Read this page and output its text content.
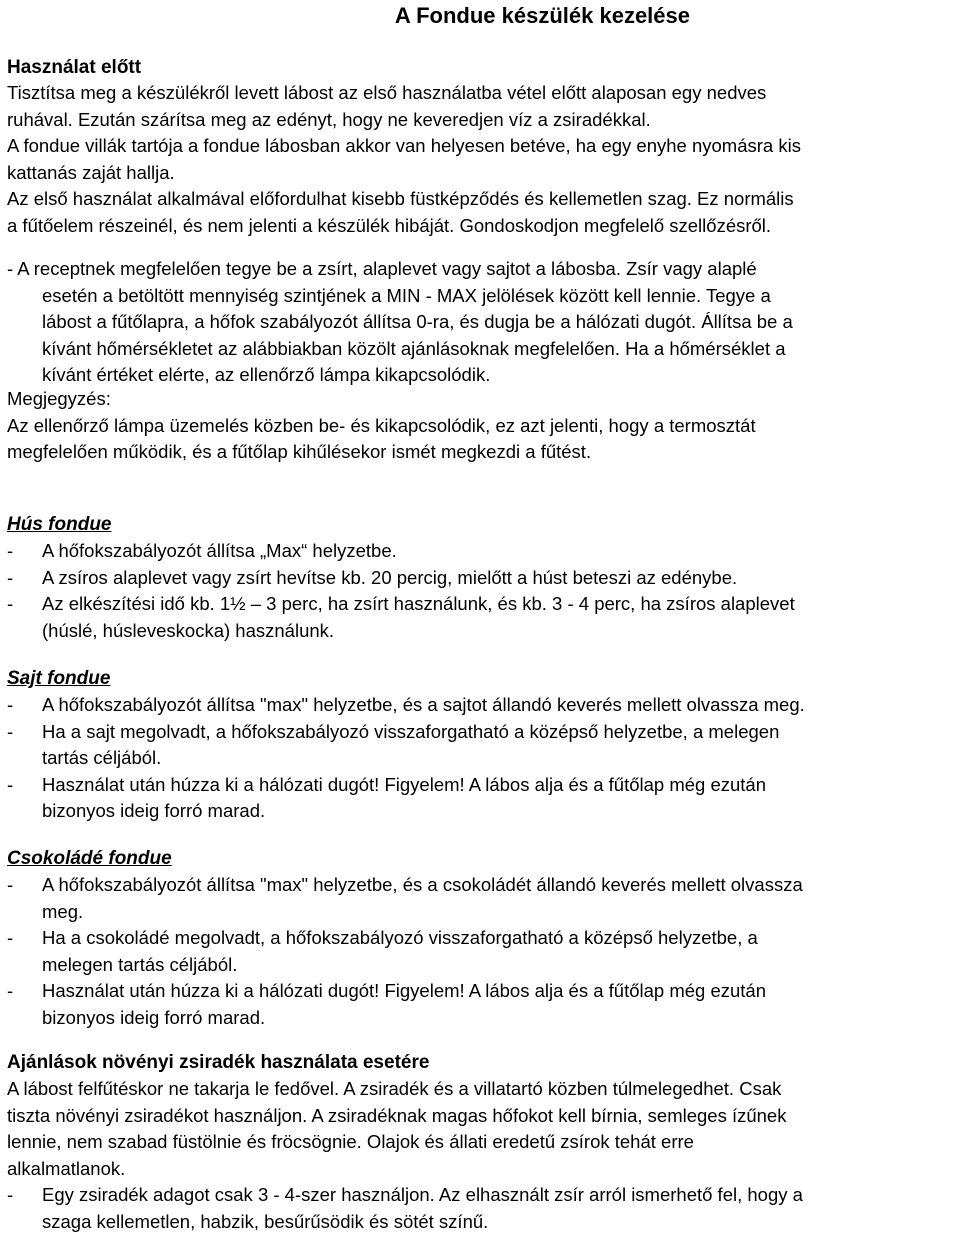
A Fondue készülék kezelése

Használat előtt

Tisztítsa meg a készülékről levett lábost az első használatba vétel előtt alaposan egy nedves

ruhával. Ezután szárítsa meg az edényt, hogy ne keveredjen víz a zsiradékkal.

A fondue villák tartója a fondue lábosban akkor van helyesen betéve, ha egy enyhe nyomásra kis

kattanás zaját hallja.

Az első használat alkalmával előfordulhat kisebb füstképződés és kellemetlen szag. Ez normális

a fűtőelem részeinél, és nem jelenti a készülék hibáját. Gondoskodjon megfelelő szellőzésről.

- A receptnek megfelelően tegye be a zsírt, alaplevet vagy sajtot a lábosba. Zsír vagy alaplé

esetén a betöltött mennyiség szintjének a MIN - MAX jelölések között kell lennie. Tegye a

lábost a fűtőlapra, a hőfok szabályozót állítsa 0-ra, és dugja be a hálózati dugót. Állítsa be a

kívánt hőmérsékletet az alábbiakban közölt ajánlásoknak megfelelően. Ha a hőmérséklet a

kívánt értéket elérte, az ellenőrző lámpa kikapcsolódik.

Megjegyzés:

Az ellenőrző lámpa üzemelés közben be- és kikapcsolódik, ez azt jelenti, hogy a termosztát

megfelelően működik, és a fűtőlap kihűlésekor ismét megkezdi a fűtést.

Hús fondue

-	A hőfokszabályozót állítsa „Max“ helyzetbe.
-	A zsíros alaplevet vagy zsírt hevítse kb. 20 percig, mielőtt a húst beteszi az edénybe.
-	Az elkészítési idő kb. 1½ – 3 perc, ha zsírt használunk, és kb. 3 - 4 perc, ha zsíros alaplevet
(húslé, húsleveskocka) használunk.

Sajt fondue

-	A hőfokszabályozót állítsa "max" helyzetbe, és a sajtot állandó keverés mellett olvassza meg.
-	Ha a sajt megolvadt, a hőfokszabályozó visszaforgatható a középső helyzetbe, a melegen
tartás céljából.
-	Használat után húzza ki a hálózati dugót! Figyelem! A lábos alja és a fűtőlap még ezután
bizonyos ideig forró marad.

Csokoládé fondue

-	A hőfokszabályozót állítsa "max" helyzetbe, és a csokoládét állandó keverés mellett olvassza
meg.
-	Ha a csokoládé megolvadt, a hőfokszabályozó visszaforgatható a középső helyzetbe, a
melegen tartás céljából.
-	Használat után húzza ki a hálózati dugót! Figyelem! A lábos alja és a fűtőlap még ezután
bizonyos ideig forró marad.

Ajánlások növényi zsiradék használata esetére

A lábost felfűtéskor ne takarja le fedővel. A zsiradék és a villatartó közben túlmelegedhet. Csak

tiszta növényi zsiradékot használjon. A zsiradéknak magas hőfokot kell bírnia, semleges ízűnek

lennie, nem szabad füstölnie és fröcsögnie. Olajok és állati eredetű zsírok tehát erre

alkalmatlanok.

-	Egy zsiradék adagot csak 3 - 4-szer használjon. Az elhasznált zsír arról ismerhető fel, hogy a
szaga kellemetlen, habzik, besűrűsödik és sötét színű.
